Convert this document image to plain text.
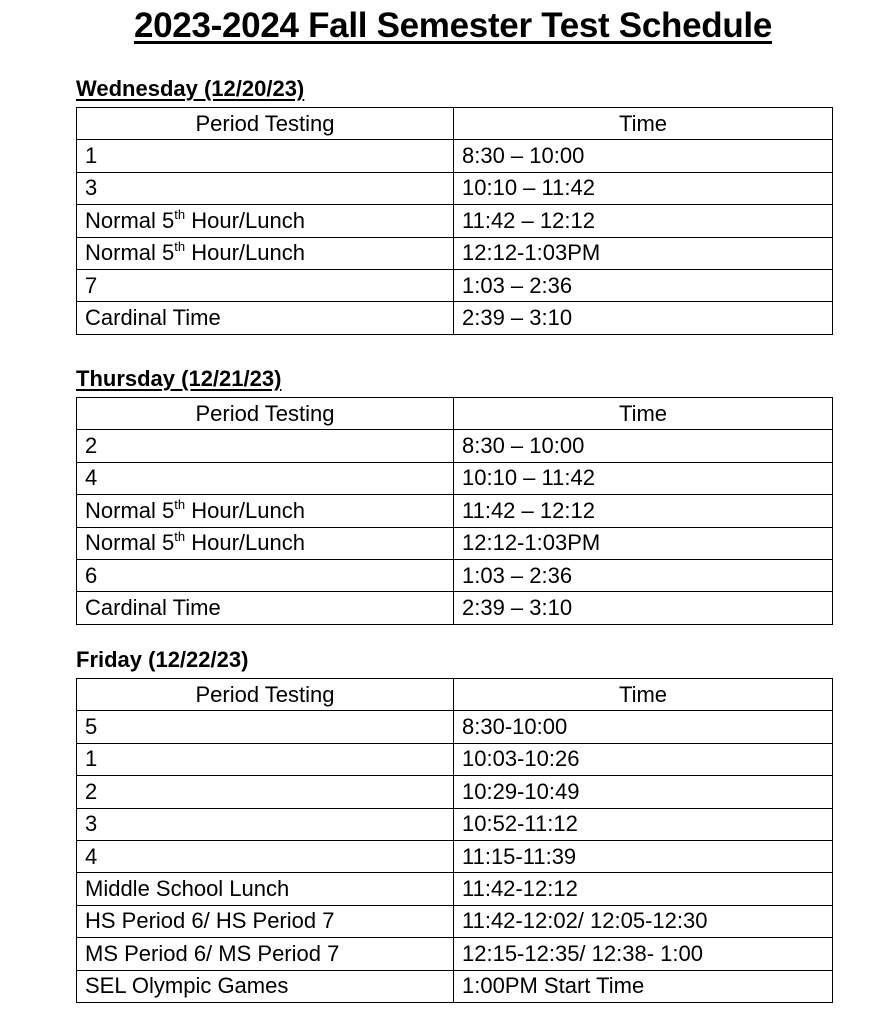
2023-2024 Fall Semester Test Schedule
Wednesday (12/20/23)
Period Testing	Time
1	8:30 – 10:00
3	10:10 – 11:42
Normal 5th Hour/Lunch	11:42 – 12:12
Normal 5th Hour/Lunch	12:12-1:03PM
7	1:03 – 2:36
Cardinal Time	2:39 – 3:10
Thursday (12/21/23)
Period Testing	Time
2	8:30 – 10:00
4	10:10 – 11:42
Normal 5th Hour/Lunch	11:42 – 12:12
Normal 5th Hour/Lunch	12:12-1:03PM
6	1:03 – 2:36
Cardinal Time	2:39 – 3:10
Friday (12/22/23)
Period Testing	Time
5	8:30-10:00
1	10:03-10:26
2	10:29-10:49
3	10:52-11:12
4	11:15-11:39
Middle School Lunch	11:42-12:12
HS Period 6/ HS Period 7	11:42-12:02/ 12:05-12:30
MS Period 6/ MS Period 7	12:15-12:35/ 12:38- 1:00
SEL Olympic Games	1:00PM Start Time
